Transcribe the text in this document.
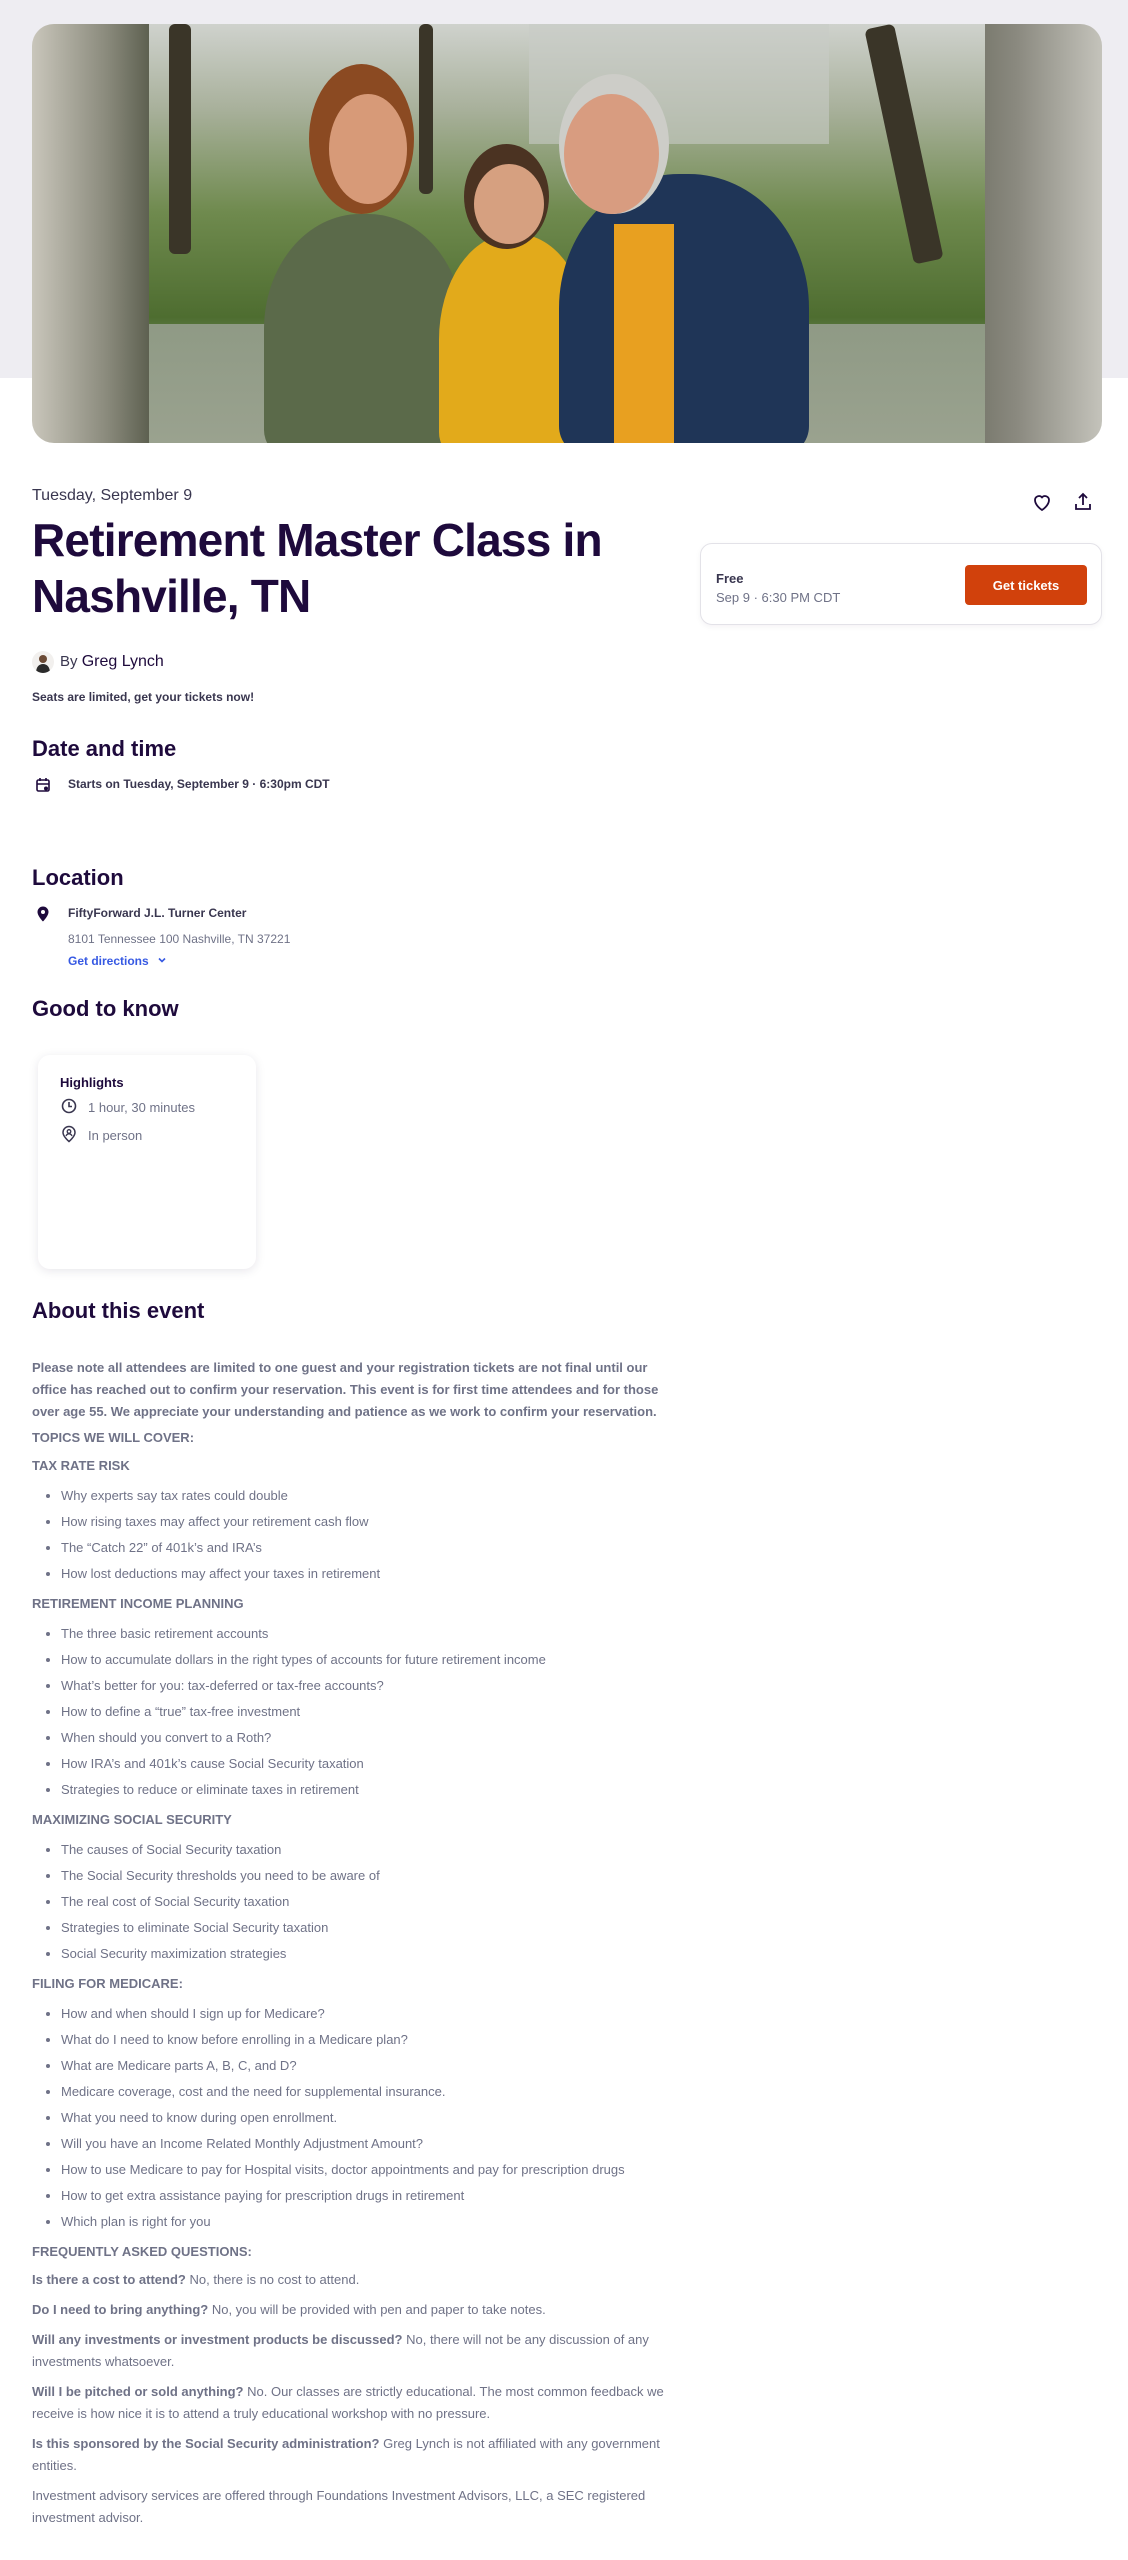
Tuesday, September 9
Retirement Master Class in Nashville, TN	Free
Sep 9 · 6:30 PM CDT
Get tickets
By Greg Lynch
Seats are limited, get your tickets now!
Date and time
Starts on Tuesday, September 9 · 6:30pm CDT
Location
FiftyForward J.L. Turner Center
8101 Tennessee 100 Nashville, TN 37221
Get directions
Good to know
Highlights
1 hour, 30 minutes
In person
About this event

Please note all attendees are limited to one guest and your registration tickets are not final until our office has reached out to confirm your reservation. This event is for first time attendees and for those over age 55. We appreciate your understanding and patience as we work to confirm your reservation.

TOPICS WE WILL COVER:

TAX RATE RISK

• Why experts say tax rates could double
• How rising taxes may affect your retirement cash flow
• The “Catch 22” of 401k’s and IRA’s
• How lost deductions may affect your taxes in retirement

RETIREMENT INCOME PLANNING

• The three basic retirement accounts
• How to accumulate dollars in the right types of accounts for future retirement income
• What’s better for you: tax-deferred or tax-free accounts?
• How to define a “true” tax-free investment
• When should you convert to a Roth?
• How IRA’s and 401k’s cause Social Security taxation
• Strategies to reduce or eliminate taxes in retirement

MAXIMIZING SOCIAL SECURITY

• The causes of Social Security taxation
• The Social Security thresholds you need to be aware of
• The real cost of Social Security taxation
• Strategies to eliminate Social Security taxation
• Social Security maximization strategies

FILING FOR MEDICARE:

• How and when should I sign up for Medicare?
• What do I need to know before enrolling in a Medicare plan?
• What are Medicare parts A, B, C, and D?
• Medicare coverage, cost and the need for supplemental insurance.
• What you need to know during open enrollment.
• Will you have an Income Related Monthly Adjustment Amount?
• How to use Medicare to pay for Hospital visits, doctor appointments and pay for prescription drugs
• How to get extra assistance paying for prescription drugs in retirement
• Which plan is right for you

FREQUENTLY ASKED QUESTIONS:

Is there a cost to attend? No, there is no cost to attend.

Do I need to bring anything? No, you will be provided with pen and paper to take notes.

Will any investments or investment products be discussed? No, there will not be any discussion of any investments whatsoever.

Will I be pitched or sold anything? No. Our classes are strictly educational. The most common feedback we receive is how nice it is to attend a truly educational workshop with no pressure.

Is this sponsored by the Social Security administration? Greg Lynch is not affiliated with any government entities.

Investment advisory services are offered through Foundations Investment Advisors, LLC, a SEC registered investment advisor.
